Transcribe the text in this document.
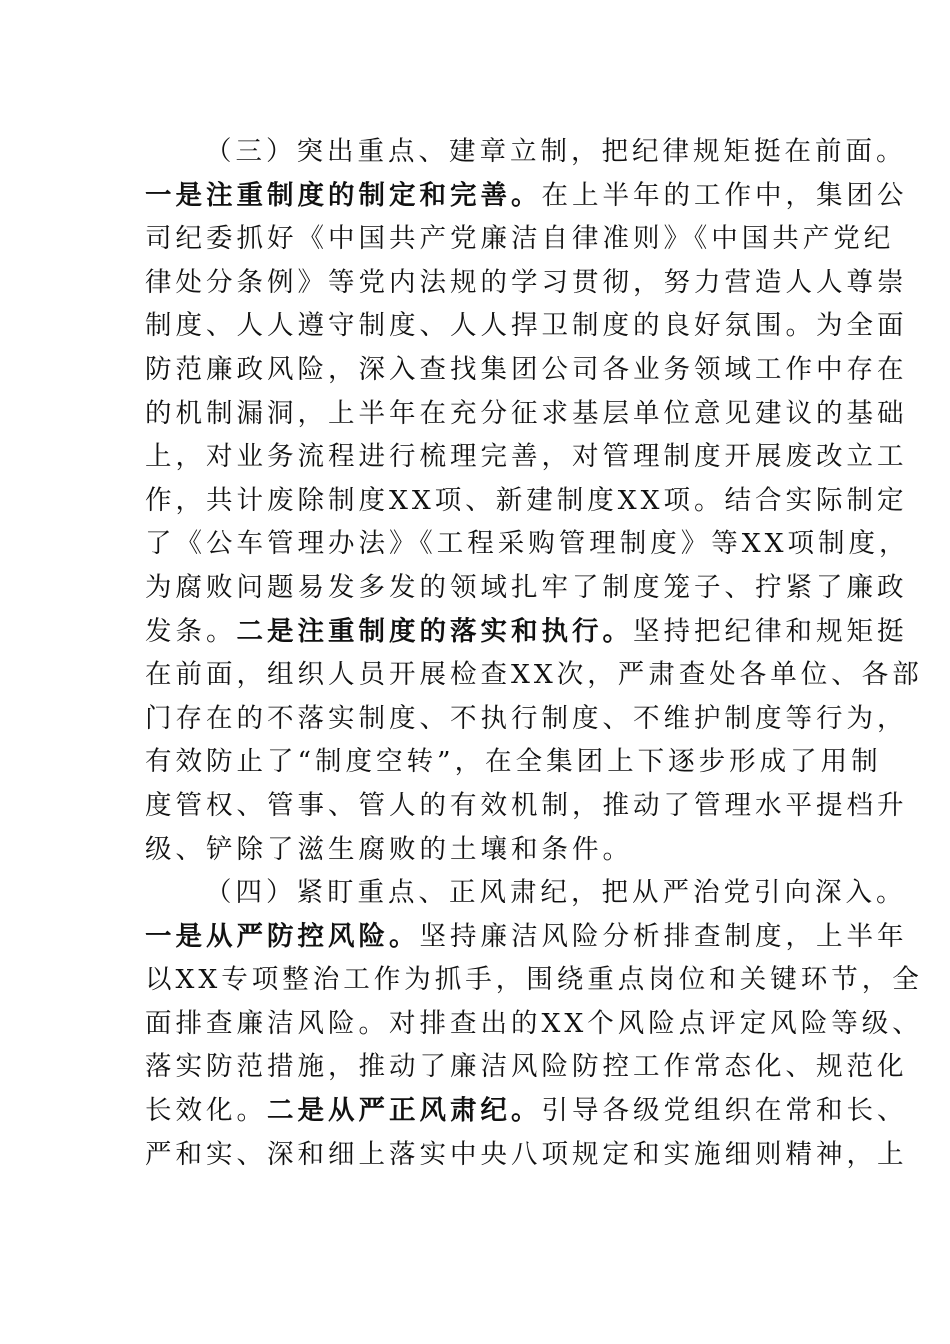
（三）突出重点、建章立制，把纪律规矩挺在前面。
一是注重制度的制定和完善。在上半年的工作中，集团公
司纪委抓好《中国共产党廉洁自律准则》《中国共产党纪
律处分条例》等党内法规的学习贯彻，努力营造人人尊崇
制度、人人遵守制度、人人捍卫制度的良好氛围。为全面
防范廉政风险，深入查找集团公司各业务领域工作中存在
的机制漏洞，上半年在充分征求基层单位意见建议的基础
上，对业务流程进行梳理完善，对管理制度开展废改立工
作，共计废除制度XX项、新建制度XX项。结合实际制定
了《公车管理办法》《工程采购管理制度》等XX项制度，
为腐败问题易发多发的领域扎牢了制度笼子、拧紧了廉政
发条。二是注重制度的落实和执行。坚持把纪律和规矩挺
在前面，组织人员开展检查XX次，严肃查处各单位、各部
门存在的不落实制度、不执行制度、不维护制度等行为，
有效防止了“制度空转”，在全集团上下逐步形成了用制
度管权、管事、管人的有效机制，推动了管理水平提档升
级、铲除了滋生腐败的土壤和条件。
（四）紧盯重点、正风肃纪，把从严治党引向深入。
一是从严防控风险。坚持廉洁风险分析排查制度，上半年
以XX专项整治工作为抓手，围绕重点岗位和关键环节，全
面排查廉洁风险。对排查出的XX个风险点评定风险等级、
落实防范措施，推动了廉洁风险防控工作常态化、规范化
长效化。二是从严正风肃纪。引导各级党组织在常和长、
严和实、深和细上落实中央八项规定和实施细则精神，上
